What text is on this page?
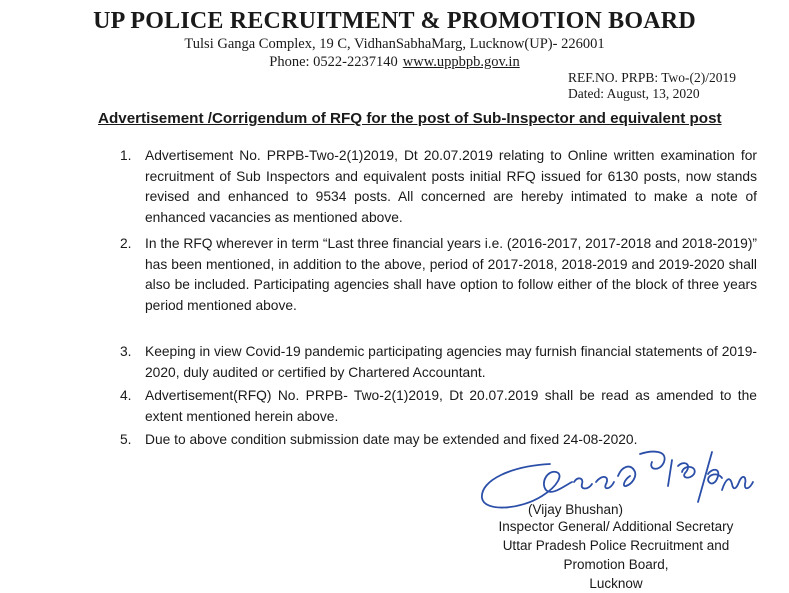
UP POLICE RECRUITMENT & PROMOTION BOARD
Tulsi Ganga Complex, 19 C, VidhanSabhaMarg, Lucknow(UP)- 226001
Phone: 0522-2237140 www.uppbpb.gov.in
REF.NO. PRPB: Two-(2)/2019
Dated: August, 13, 2020
Advertisement /Corrigendum of RFQ for the post of Sub-Inspector and equivalent post
1. Advertisement No. PRPB-Two-2(1)2019, Dt 20.07.2019 relating to Online written examination for recruitment of Sub Inspectors and equivalent posts initial RFQ issued for 6130 posts, now stands revised and enhanced to 9534 posts. All concerned are hereby intimated to make a note of enhanced vacancies as mentioned above.
2. In the RFQ wherever in term “Last three financial years i.e. (2016-2017, 2017-2018 and 2018-2019)” has been mentioned, in addition to the above, period of 2017-2018, 2018-2019 and 2019-2020 shall also be included. Participating agencies shall have option to follow either of the block of three years period mentioned above.
3. Keeping in view Covid-19 pandemic participating agencies may furnish financial statements of 2019-2020, duly audited or certified by Chartered Accountant.
4. Advertisement(RFQ) No. PRPB- Two-2(1)2019, Dt 20.07.2019 shall be read as amended to the extent mentioned herein above.
5. Due to above condition submission date may be extended and fixed 24-08-2020.
(Vijay Bhushan)
Inspector General/ Additional Secretary
Uttar Pradesh Police Recruitment and
Promotion Board,
Lucknow
